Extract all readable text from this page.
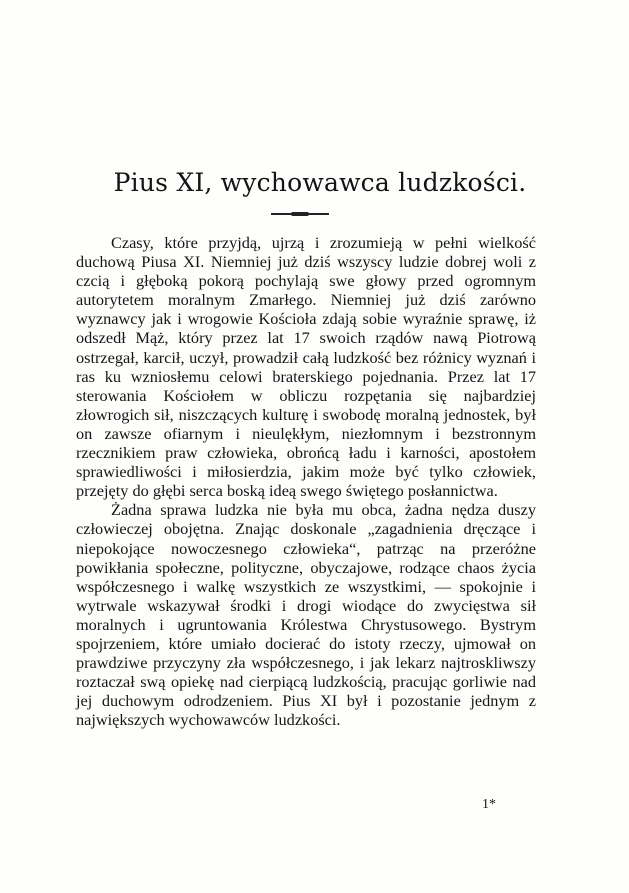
Pius XI, wychowawca ludzkości.

Czasy, które przyjdą, ujrzą i zrozumieją w pełni wielkość duchową Piusa XI. Niemniej już dziś wszyscy ludzie dobrej woli z czcią i głęboką pokorą pochylają swe głowy przed ogromnym autorytetem moralnym Zmarłego. Niemniej już dziś zarówno wyznawcy jak i wrogowie Kościoła zdają sobie wyraźnie sprawę, iż odszedł Mąż, który przez lat 17 swoich rządów nawą Piotrową ostrzegał, karcił, uczył, prowadził całą ludzkość bez różnicy wyznań i ras ku wzniosłemu celowi braterskiego pojednania. Przez lat 17 sterowania Kościołem w obliczu rozpętania się najbardziej złowrogich sił, niszczących kulturę i swobodę moralną jednostek, był on zawsze ofiarnym i nieulękłym, niezłomnym i bezstronnym rzecznikiem praw człowieka, obrońcą ładu i karności, apostołem sprawiedliwości i miłosierdzia, jakim może być tylko człowiek, przejęty do głębi serca boską ideą swego świętego posłannictwa.

Żadna sprawa ludzka nie była mu obca, żadna nędza duszy człowieczej obojętna. Znając doskonale „zagadnienia dręczące i niepokojące nowoczesnego człowieka“, patrząc na przeróżne powikłania społeczne, polityczne, obyczajowe, rodzące chaos życia współczesnego i walkę wszystkich ze wszystkimi, — spokojnie i wytrwale wskazywał środki i drogi wiodące do zwycięstwa sił moralnych i ugruntowania Królestwa Chrystusowego. Bystrym spojrzeniem, które umiało docierać do istoty rzeczy, ujmował on prawdziwe przyczyny zła współczesnego, i jak lekarz najtroskliwszy roztaczał swą opiekę nad cierpiącą ludzkością, pracując gorliwie nad jej duchowym odrodzeniem. Pius XI był i pozostanie jednym z największych wychowawców ludzkości.

1*
